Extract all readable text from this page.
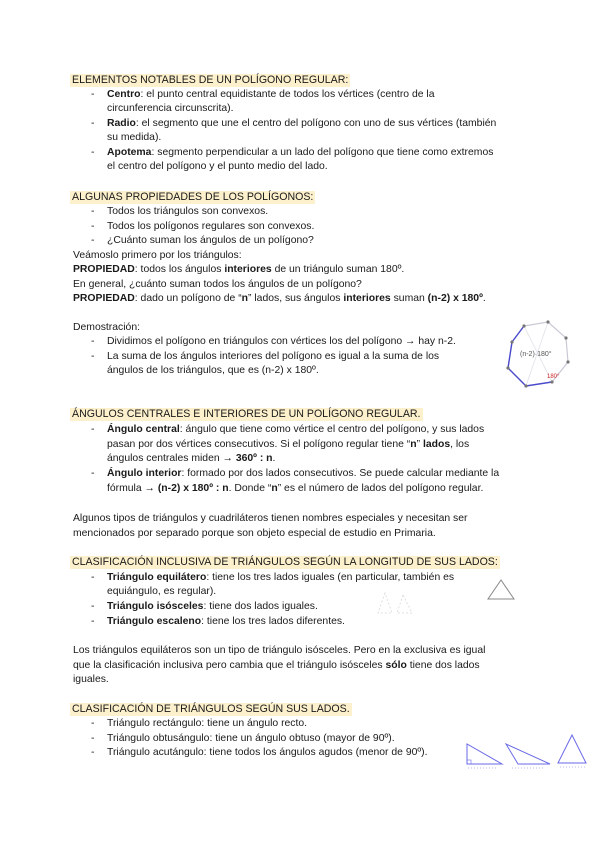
ELEMENTOS NOTABLES DE UN POLÍGONO REGULAR:
-	Centro: el punto central equidistante de todos los vértices (centro de la
circunferencia circunscrita).
-	Radio: el segmento que une el centro del polígono con uno de sus vértices (también
su medida).
-	Apotema: segmento perpendicular a un lado del polígono que tiene como extremos
el centro del polígono y el punto medio del lado.
ALGUNAS PROPIEDADES DE LOS POLÍGONOS:
-	Todos los triángulos son convexos.
-	Todos los polígonos regulares son convexos.
-	¿Cuánto suman los ángulos de un polígono?
Veámoslo primero por los triángulos:
PROPIEDAD: todos los ángulos interiores de un triángulo suman 180º.
En general, ¿cuánto suman todos los ángulos de un polígono?
PROPIEDAD: dado un polígono de “n” lados, sus ángulos interiores suman (n-2) x 180º.
Demostración:
-	Dividimos el polígono en triángulos con vértices los del polígono → hay n-2.
-	La suma de los ángulos interiores del polígono es igual a la suma de los
ángulos de los triángulos, que es (n-2) x 180º.
(n-2)·180°
180°
ÁNGULOS CENTRALES E INTERIORES DE UN POLÍGONO REGULAR.
-	Ángulo central: ángulo que tiene como vértice el centro del polígono, y sus lados
pasan por dos vértices consecutivos. Si el polígono regular tiene “n” lados, los
ángulos centrales miden → 360º : n.
-	Ángulo interior: formado por dos lados consecutivos. Se puede calcular mediante la
fórmula → (n-2) x 180º : n. Donde “n” es el número de lados del polígono regular.
Algunos tipos de triángulos y cuadriláteros tienen nombres especiales y necesitan ser
mencionados por separado porque son objeto especial de estudio en Primaria.
CLASIFICACIÓN INCLUSIVA DE TRIÁNGULOS SEGÚN LA LONGITUD DE SUS LADOS:
-	Triángulo equilátero: tiene los tres lados iguales (en particular, también es
equiángulo, es regular).
-	Triángulo isósceles: tiene dos lados iguales.
-	Triángulo escaleno: tiene los tres lados diferentes.
Los triángulos equiláteros son un tipo de triángulo isósceles. Pero en la exclusiva es igual
que la clasificación inclusiva pero cambia que el triángulo isósceles sólo tiene dos lados
iguales.
CLASIFICACIÓN DE TRIÁNGULOS SEGÚN SUS LADOS.
-	Triángulo rectángulo: tiene un ángulo recto.
-	Triángulo obtusángulo: tiene un ángulo obtuso (mayor de 90º).
-	Triángulo acutángulo: tiene todos los ángulos agudos (menor de 90º).
